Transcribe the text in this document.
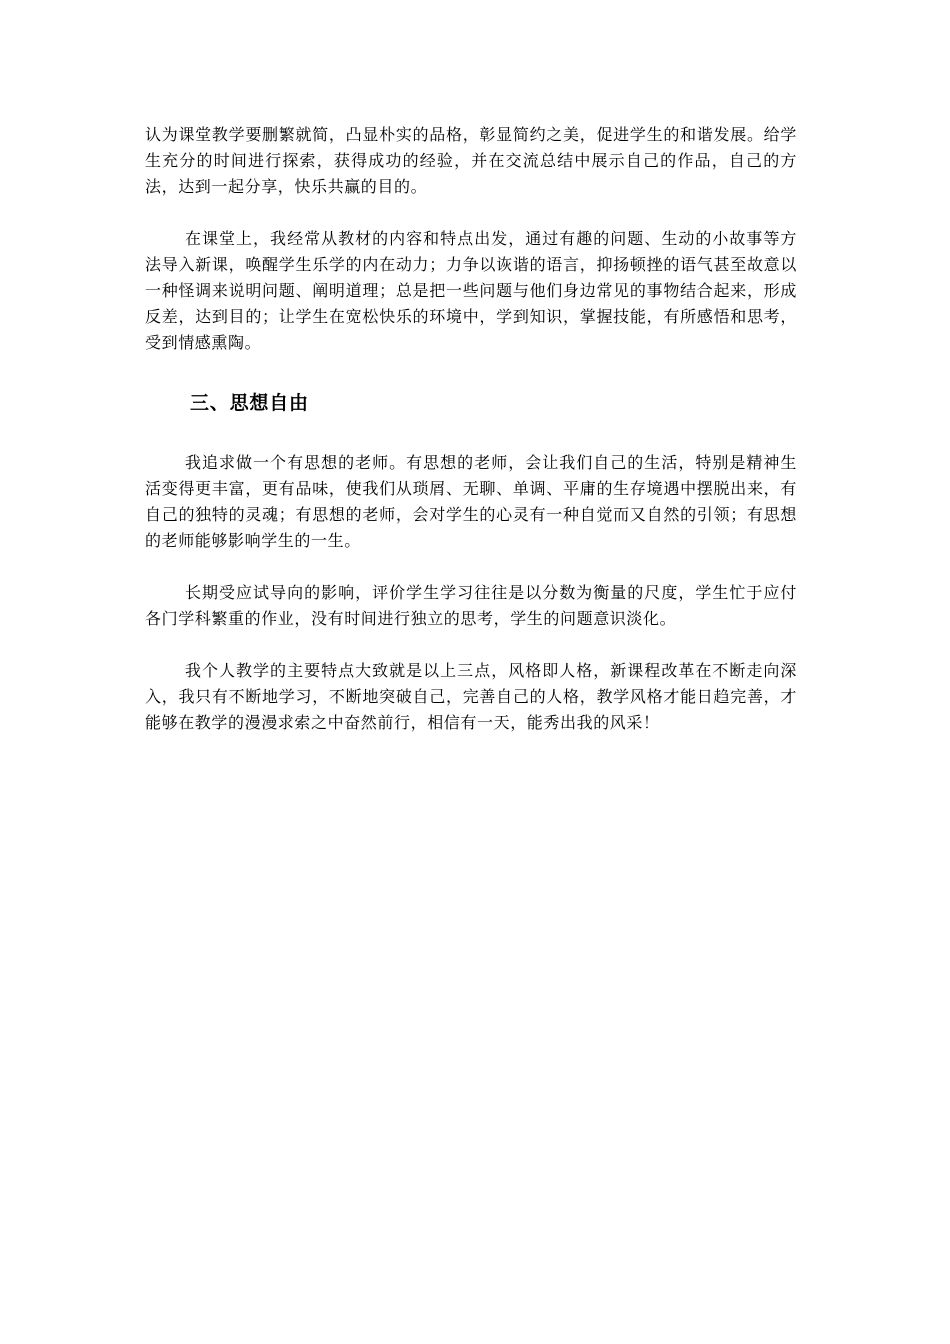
认为课堂教学要删繁就简，凸显朴实的品格，彰显简约之美，促进学生的和谐发展。给学生充分的时间进行探索，获得成功的经验，并在交流总结中展示自己的作品，自己的方法，达到一起分享，快乐共赢的目的。

在课堂上，我经常从教材的内容和特点出发，通过有趣的问题、生动的小故事等方法导入新课，唤醒学生乐学的内在动力；力争以诙谐的语言，抑扬顿挫的语气甚至故意以一种怪调来说明问题、阐明道理；总是把一些问题与他们身边常见的事物结合起来，形成反差，达到目的；让学生在宽松快乐的环境中，学到知识，掌握技能，有所感悟和思考，受到情感熏陶。

三、思想自由

我追求做一个有思想的老师。有思想的老师，会让我们自己的生活，特别是精神生活变得更丰富，更有品味，使我们从琐屑、无聊、单调、平庸的生存境遇中摆脱出来，有自己的独特的灵魂；有思想的老师，会对学生的心灵有一种自觉而又自然的引领；有思想的老师能够影响学生的一生。

长期受应试导向的影响，评价学生学习往往是以分数为衡量的尺度，学生忙于应付各门学科繁重的作业，没有时间进行独立的思考，学生的问题意识淡化。

我个人教学的主要特点大致就是以上三点，风格即人格，新课程改革在不断走向深入，我只有不断地学习，不断地突破自己，完善自己的人格，教学风格才能日趋完善，才能够在教学的漫漫求索之中奋然前行，相信有一天，能秀出我的风采！
